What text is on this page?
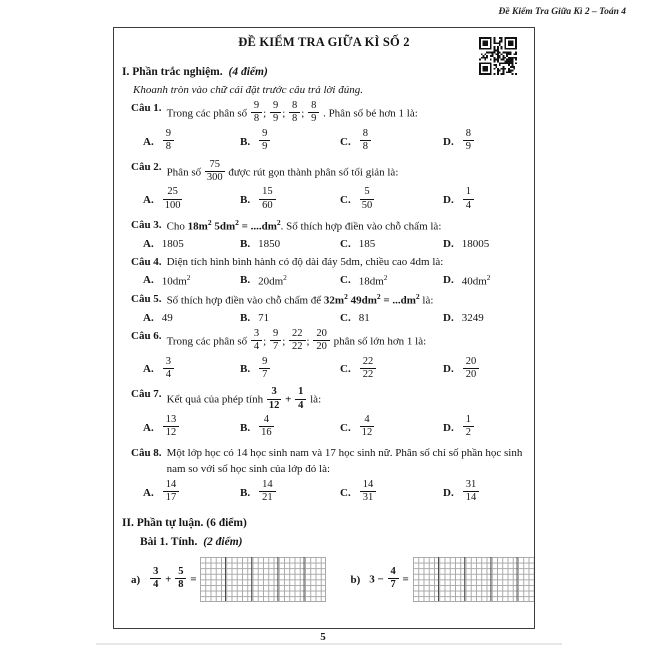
Đề Kiểm Tra Giữa Kì 2 – Toán 4
ĐỀ KIỂM TRA GIỮA KÌ SỐ 2
I. Phần trắc nghiệm. (4 điểm)
Khoanh tròn vào chữ cái đặt trước câu trả lời đúng.
Câu 1. Trong các phân số $\frac{9}{8}$ ; $\frac{9}{9}$ ; $\frac{8}{8}$ ; $\frac{8}{9}$ . Phân số bé hơn 1 là:
A. $\frac{9}{8}$	B. $\frac{9}{9}$	C. $\frac{8}{8}$	D. $\frac{8}{9}$
Câu 2. Phân số $\frac{75}{300}$ được rút gọn thành phân số tối giản là:
A. $\frac{25}{100}$	B. $\frac{15}{60}$	C. $\frac{5}{50}$	D. $\frac{1}{4}$
Câu 3. Cho $18m^2$ $5dm^2 = ....dm^2$. Số thích hợp điền vào chỗ chấm là:
A. 1805	B. 1850	C. 185	D. 18005
Câu 4. Diện tích hình bình hành có độ dài đáy 5dm, chiều cao 4dm là:
A. $10dm^2$	B. $20dm^2$	C. $18dm^2$	D. $40dm^2$
Câu 5. Số thích hợp điền vào chỗ chấm để $32m^2$ $49dm^2 = ...dm^2$ là:
A. 49	B. 71	C. 81	D. 3249
Câu 6. Trong các phân số $\frac{3}{4}$ ; $\frac{9}{7}$ ; $\frac{22}{22}$ ; $\frac{20}{20}$ phân số lớn hơn 1 là:
A. $\frac{3}{4}$	B. $\frac{9}{7}$	C. $\frac{22}{22}$	D. $\frac{20}{20}$
Câu 7. Kết quả của phép tính $\frac{3}{12} + \frac{1}{4}$ là:
A. $\frac{13}{12}$	B. $\frac{4}{16}$	C. $\frac{4}{12}$	D. $\frac{1}{2}$
Câu 8. Một lớp học có 14 học sinh nam và 17 học sinh nữ. Phân số chỉ số phần học sinh nam so với số học sinh của lớp đó là:
A. $\frac{14}{17}$	B. $\frac{14}{21}$	C. $\frac{14}{31}$	D. $\frac{31}{14}$
II. Phần tự luận. (6 điểm)
Bài 1. Tính. (2 điểm)
$a) \frac{3}{4} + \frac{5}{8}$ =	b) $3 - \frac{4}{7}$ =
5
